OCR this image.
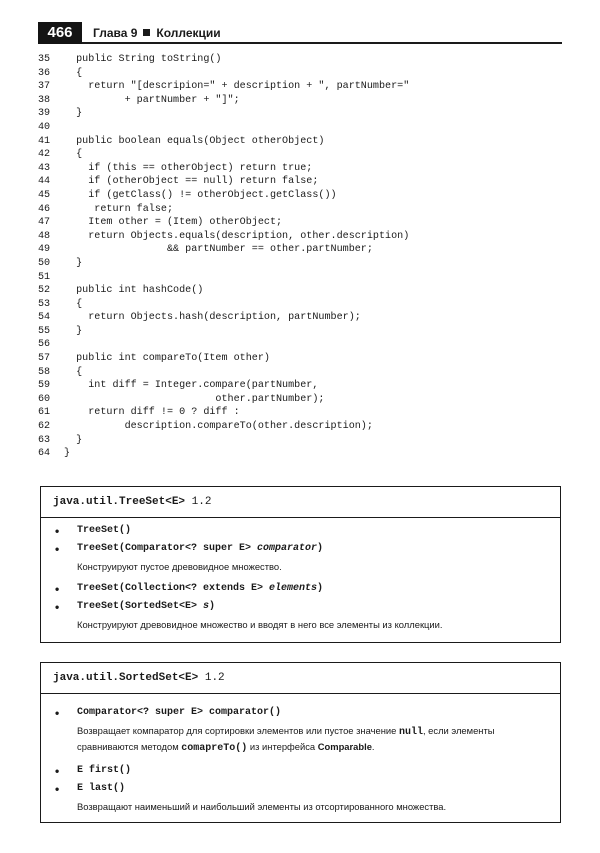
466	Глава 9 Коллекции
35  public String toString()
36  {
37    return "[descripion=" + description + ", partNumber="
38          + partNumber + "]";
39  }
40
41  public boolean equals(Object otherObject)
42  {
43    if (this == otherObject) return true;
44    if (otherObject == null) return false;
45    if (getClass() != otherObject.getClass())
46     return false;
47    Item other = (Item) otherObject;
48    return Objects.equals(description, other.description)
49                 && partNumber == other.partNumber;
50  }
51
52  public int hashCode()
53  {
54    return Objects.hash(description, partNumber);
55  }
56
57  public int compareTo(Item other)
58  {
59    int diff = Integer.compare(partNumber,
60                         other.partNumber);
61    return diff != 0 ? diff :
62          description.compareTo(other.description);
63  }
64 }
java.util.TreeSet<E> 1.2
• TreeSet()
• TreeSet(Comparator<? super E> comparator)
Конструируют пустое древовидное множество.
• TreeSet(Collection<? extends E> elements)
• TreeSet(SortedSet<E> s)
Конструируют древовидное множество и вводят в него все элементы из коллекции.
java.util.SortedSet<E> 1.2
• Comparator<? super E> comparator()
Возвращает компаратор для сортировки элементов или пустое значение null, если элементы сравниваются методом comapreTo() из интерфейса Comparable.
• E first()
• E last()
Возвращают наименьший и наибольший элементы из отсортированного множества.
